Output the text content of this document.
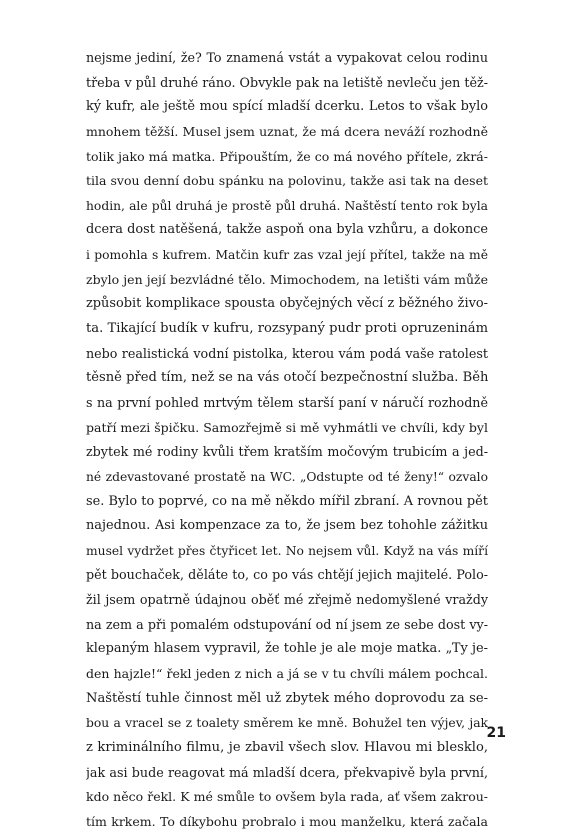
nejsme jediní, že? To znamená vstát a vypakovat celou rodinu
třeba v půl druhé ráno. Obvykle pak na letiště nevleču jen těž-
ký kufr, ale ještě mou spící mladší dcerku. Letos to však bylo
mnohem těžší. Musel jsem uznat, že má dcera neváží rozhodně
tolik jako má matka. Připouštím, že co má nového přítele, zkrá-
tila svou denní dobu spánku na polovinu, takže asi tak na deset
hodin, ale půl druhá je prostě půl druhá. Naštěstí tento rok byla
dcera dost natěšená, takže aspoň ona byla vzhůru, a dokonce
i pomohla s kufrem. Matčin kufr zas vzal její přítel, takže na mě
zbylo jen její bezvládné tělo. Mimochodem, na letišti vám může
způsobit komplikace spousta obyčejných věcí z běžného živo-
ta. Tikající budík v kufru, rozsypaný pudr proti opruzeninám
nebo realistická vodní pistolka, kterou vám podá vaše ratolest
těsně před tím, než se na vás otočí bezpečnostní služba. Běh
s na první pohled mrtvým tělem starší paní v náručí rozhodně
patří mezi špičku. Samozřejmě si mě vyhmátli ve chvíli, kdy byl
zbytek mé rodiny kvůli třem kratším močovým trubicím a jed-
né zdevastované prostatě na WC. „Odstupte od té ženy!“ ozvalo
se. Bylo to poprvé, co na mě někdo mířil zbraní. A rovnou pět
najednou. Asi kompenzace za to, že jsem bez tohohle zážitku
musel vydržet přes čtyřicet let. No nejsem vůl. Když na vás míří
pět bouchaček, děláte to, co po vás chtějí jejich majitelé. Polo-
žil jsem opatrně údajnou oběť mé zřejmě nedomyšlené vraždy
na zem a při pomalém odstupování od ní jsem ze sebe dost vy-
klepaným hlasem vypravil, že tohle je ale moje matka. „Ty je-
den hajzle!“ řekl jeden z nich a já se v tu chvíli málem pochcal.
Naštěstí tuhle činnost měl už zbytek mého doprovodu za se-
bou a vracel se z toalety směrem ke mně. Bohužel ten výjev, jak
z kriminálního filmu, je zbavil všech slov. Hlavou mi blesklo,
jak asi bude reagovat má mladší dcera, překvapivě byla první,
kdo něco řekl. K mé smůle to ovšem byla rada, ať všem zakrou-
tím krkem. To díkybohu probralo i mou manželku, která začala
21
